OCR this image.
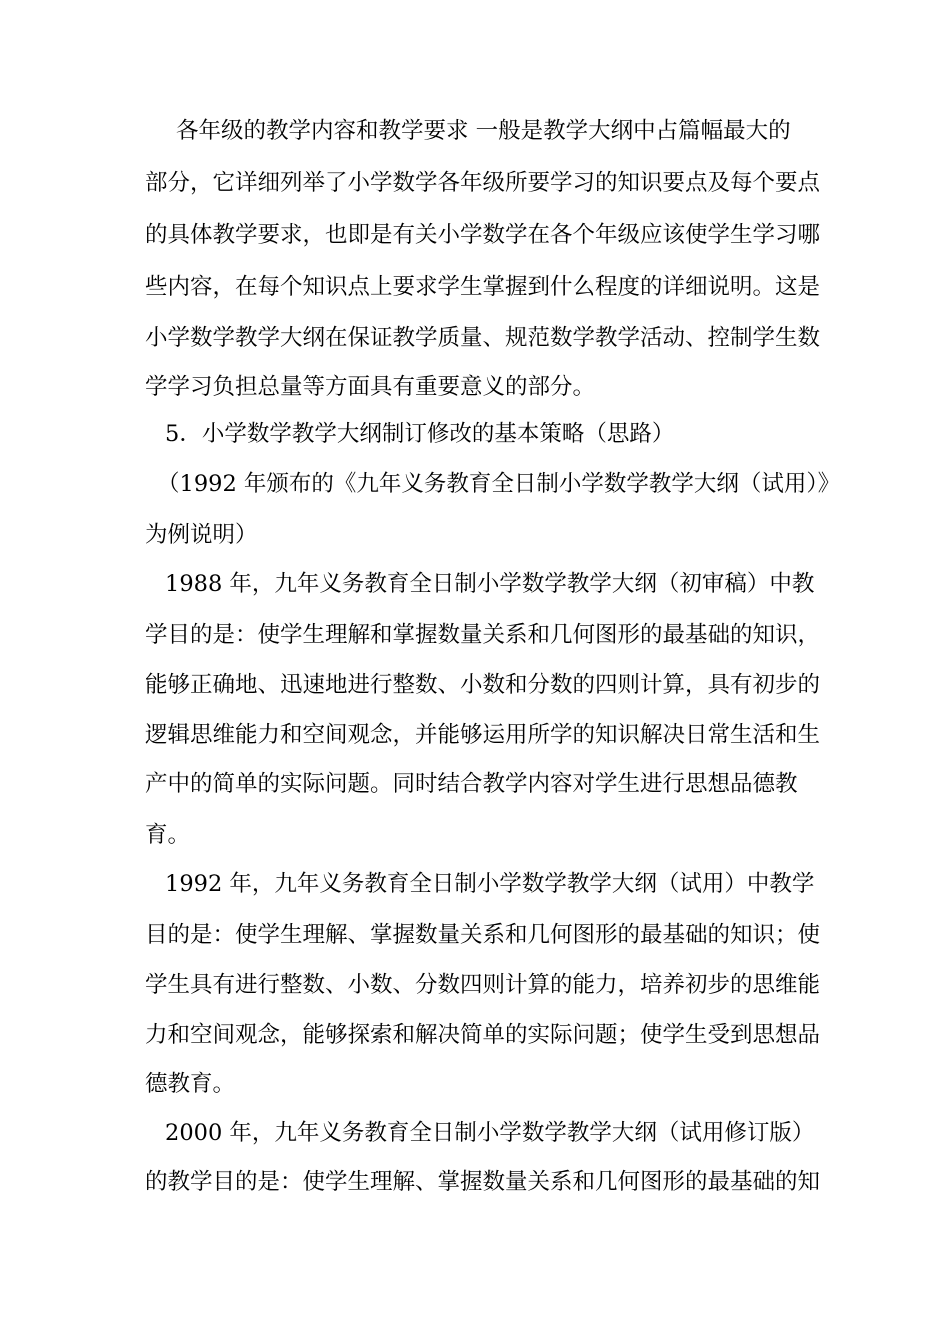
各年级的教学内容和教学要求 一般是教学大纲中占篇幅最大的
部分，它详细列举了小学数学各年级所要学习的知识要点及每个要点
的具体教学要求，也即是有关小学数学在各个年级应该使学生学习哪
些内容，在每个知识点上要求学生掌握到什么程度的详细说明。这是
小学数学教学大纲在保证教学质量、规范数学教学活动、控制学生数
学学习负担总量等方面具有重要意义的部分。
5．小学数学教学大纲制订修改的基本策略（思路）
（1992 年颁布的《九年义务教育全日制小学数学教学大纲（试用）》
为例说明）
1988 年，九年义务教育全日制小学数学教学大纲（初审稿）中教
学目的是：使学生理解和掌握数量关系和几何图形的最基础的知识，
能够正确地、迅速地进行整数、小数和分数的四则计算，具有初步的
逻辑思维能力和空间观念，并能够运用所学的知识解决日常生活和生
产中的简单的实际问题。同时结合教学内容对学生进行思想品德教
育。
1992 年，九年义务教育全日制小学数学教学大纲（试用）中教学
目的是：使学生理解、掌握数量关系和几何图形的最基础的知识；使
学生具有进行整数、小数、分数四则计算的能力，培养初步的思维能
力和空间观念，能够探索和解决简单的实际问题；使学生受到思想品
德教育。
2000 年，九年义务教育全日制小学数学教学大纲（试用修订版）
的教学目的是：使学生理解、掌握数量关系和几何图形的最基础的知
